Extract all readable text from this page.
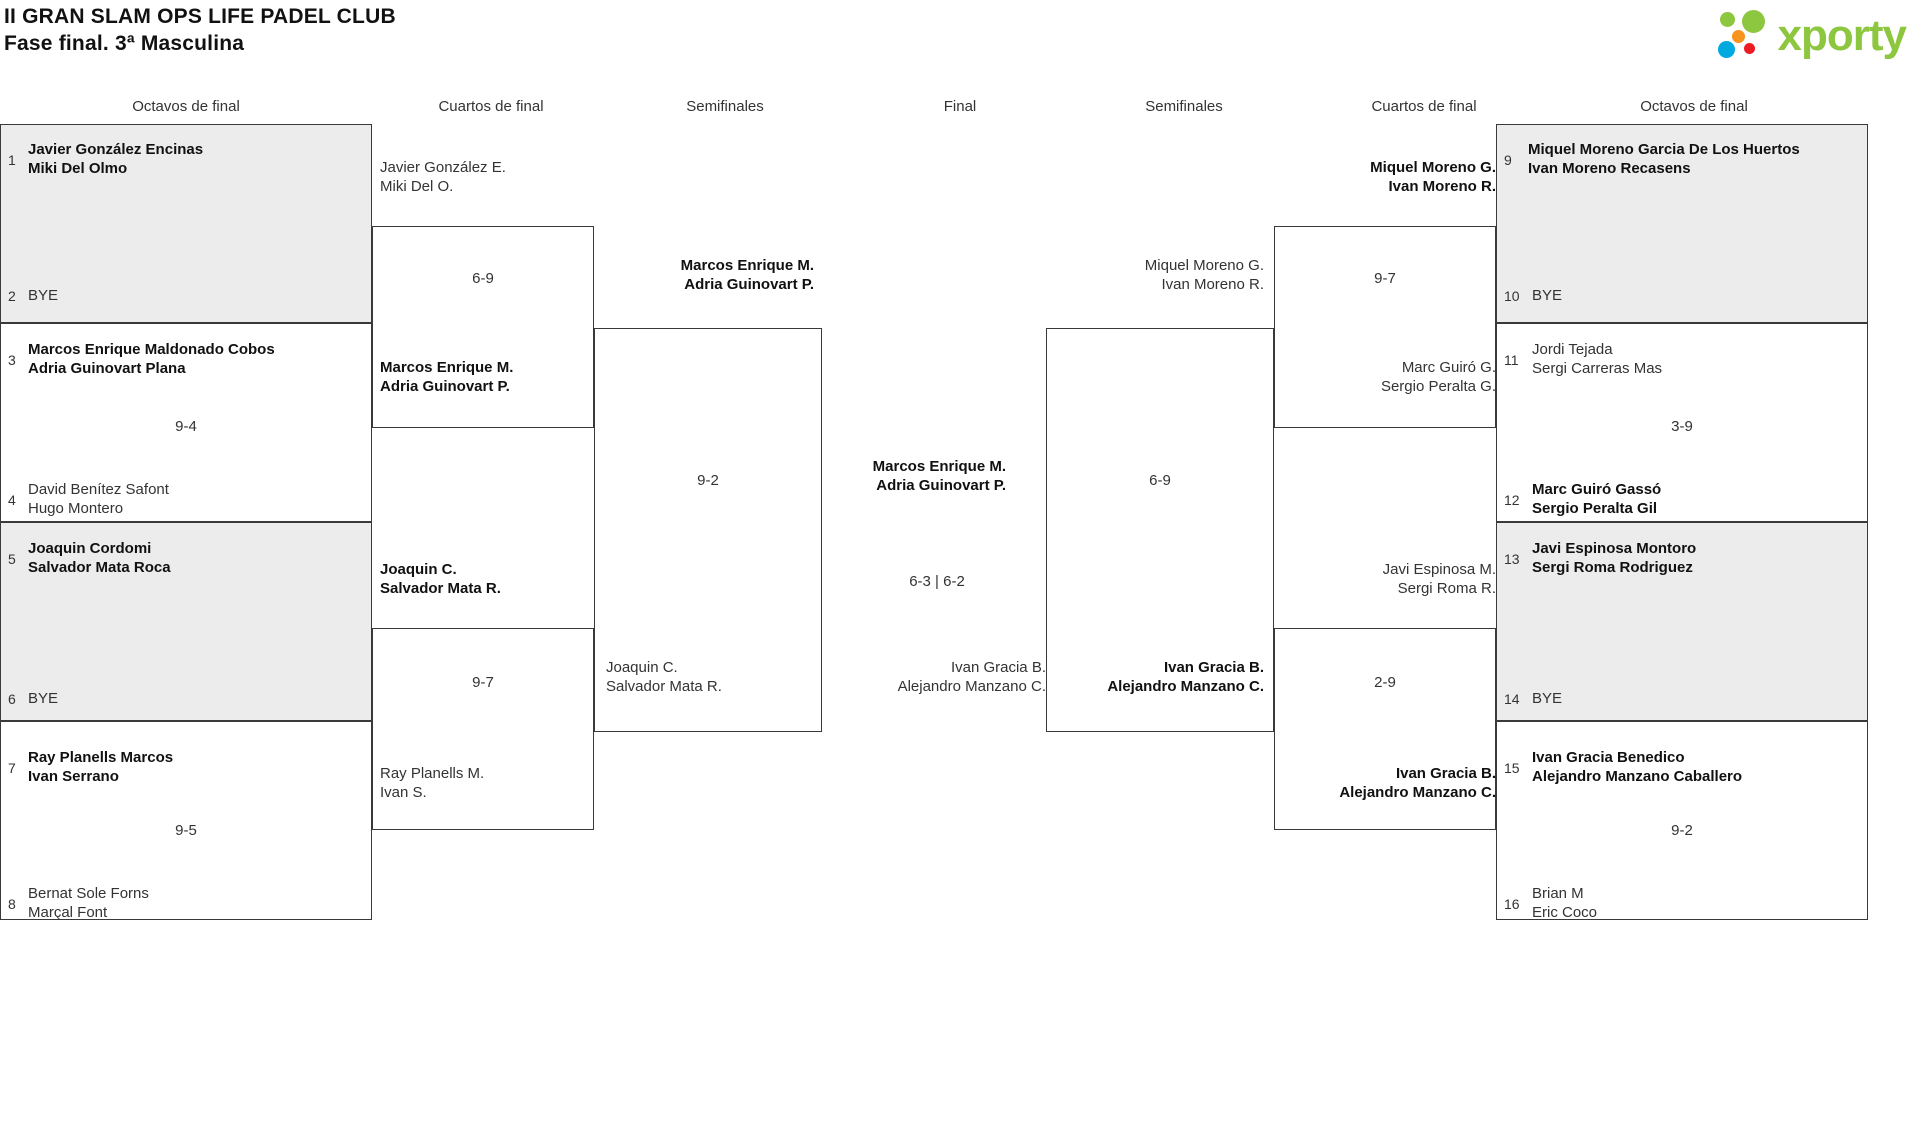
II GRAN SLAM OPS LIFE PADEL CLUB
Fase final. 3ª Masculina	xporty
Octavos de final	Cuartos de final	Semifinales	Final	Semifinales	Cuartos de final	Octavos de final
1
Javier González Encinas
Miki Del Olmo
2 BYE
3
Marcos Enrique Maldonado Cobos
Adria Guinovart Plana
9-4
4
David Benítez Safont
Hugo Montero
5
Joaquin Cordomi
Salvador Mata Roca
6 BYE
7
Ray Planells Marcos
Ivan Serrano
9-5
8
Bernat Sole Forns
Marçal Font
Javier González E.
Miki Del O.
6-9
Marcos Enrique M.
Adria Guinovart P.
Joaquin C.
Salvador Mata R.
9-7
Ray Planells M.
Ivan S.
Marcos Enrique M.
Adria Guinovart P.
9-2
Joaquin C.
Salvador Mata R.
Marcos Enrique M.
Adria Guinovart P.
6-3 | 6-2
Ivan Gracia B.
Alejandro Manzano C.
6-9
Miquel Moreno G.
Ivan Moreno R.
Ivan Gracia B.
Alejandro Manzano C.
Miquel Moreno G.
Ivan Moreno R.
9-7
Marc Guiró G.
Sergio Peralta G.
Javi Espinosa M.
Sergi Roma R.
2-9
Ivan Gracia B.
Alejandro Manzano C.
9
Miquel Moreno Garcia De Los Huertos
Ivan Moreno Recasens
10 BYE
11
Jordi Tejada
Sergi Carreras Mas
3-9
12
Marc Guiró Gassó
Sergio Peralta Gil
13
Javi Espinosa Montoro
Sergi Roma Rodriguez
14 BYE
15
Ivan Gracia Benedico
Alejandro Manzano Caballero
9-2
16
Brian M
Eric Coco
